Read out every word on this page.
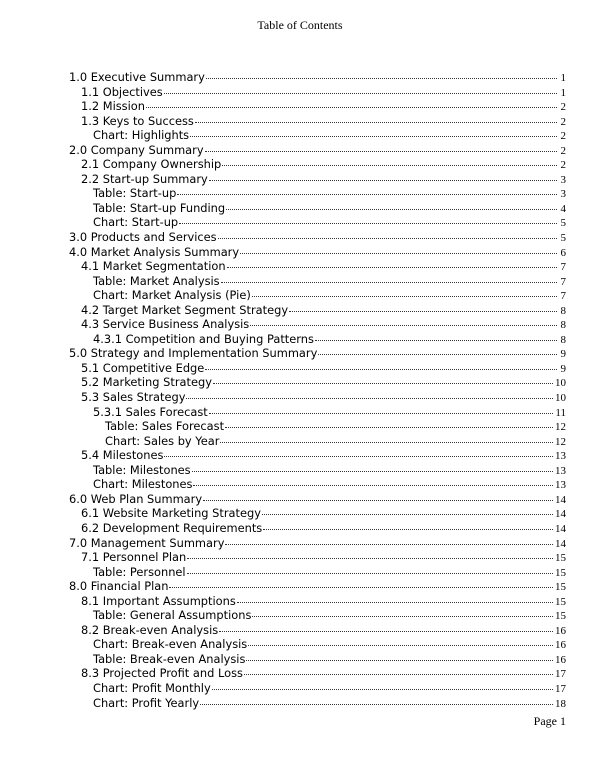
Table of Contents
1.0 Executive Summary	1
1.1 Objectives	1
1.2 Mission	2
1.3 Keys to Success	2
Chart: Highlights	2
2.0 Company Summary	2
2.1 Company Ownership	2
2.2 Start-up Summary	3
Table: Start-up	3
Table: Start-up Funding	4
Chart: Start-up	5
3.0 Products and Services	5
4.0 Market Analysis Summary	6
4.1 Market Segmentation	7
Table: Market Analysis	7
Chart: Market Analysis (Pie)	7
4.2 Target Market Segment Strategy	8
4.3 Service Business Analysis	8
4.3.1 Competition and Buying Patterns	8
5.0 Strategy and Implementation Summary	9
5.1 Competitive Edge	9
5.2 Marketing Strategy	10
5.3 Sales Strategy	10
5.3.1 Sales Forecast	11
Table: Sales Forecast	12
Chart: Sales by Year	12
5.4 Milestones	13
Table: Milestones	13
Chart: Milestones	13
6.0 Web Plan Summary	14
6.1 Website Marketing Strategy	14
6.2 Development Requirements	14
7.0 Management Summary	14
7.1 Personnel Plan	15
Table: Personnel	15
8.0 Financial Plan	15
8.1 Important Assumptions	15
Table: General Assumptions	15
8.2 Break-even Analysis	16
Chart: Break-even Analysis	16
Table: Break-even Analysis	16
8.3 Projected Profit and Loss	17
Chart: Profit Monthly	17
Chart: Profit Yearly	18
Page 1
